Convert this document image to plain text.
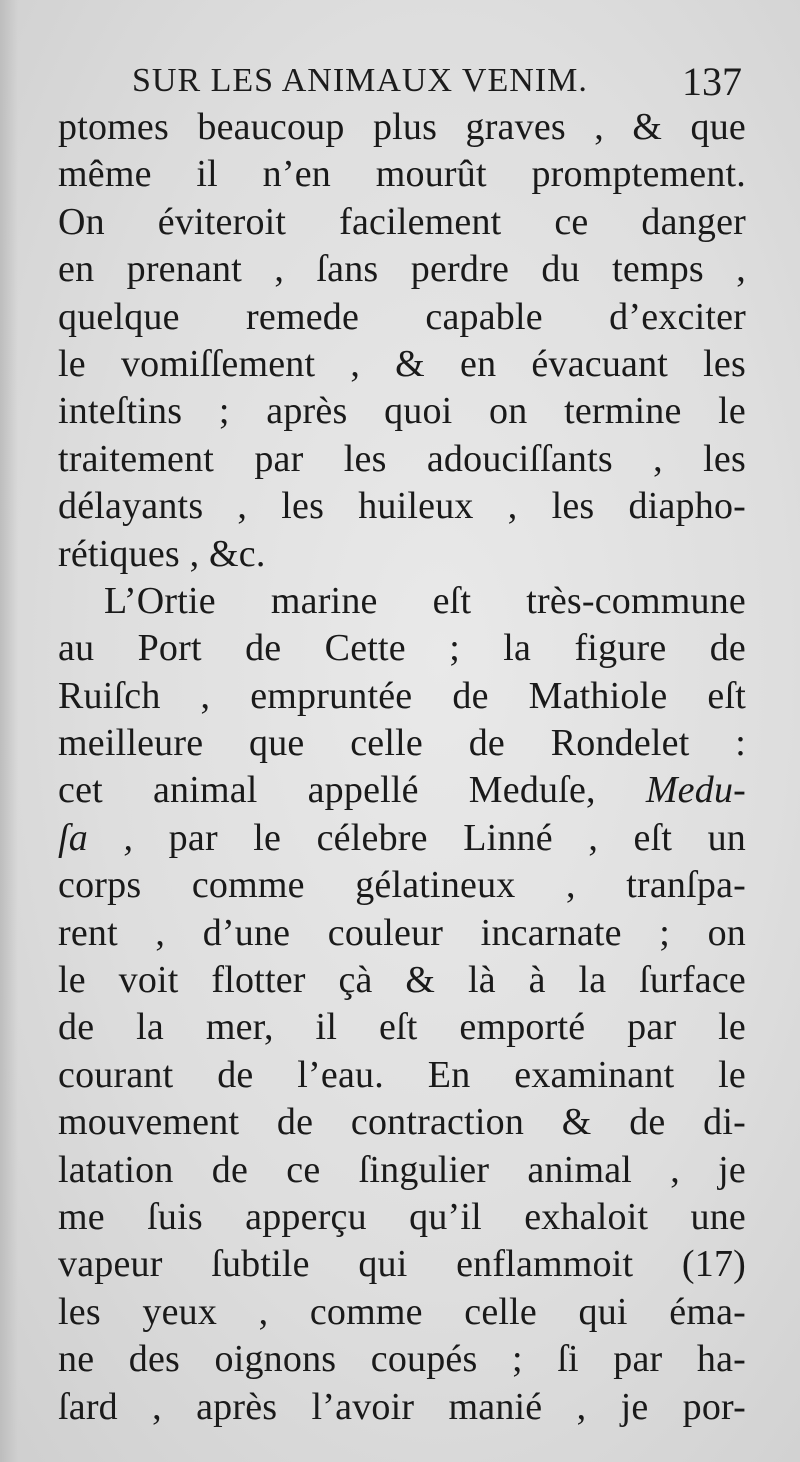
SUR LES ANIMAUX VENIM. 137
ptomes beaucoup plus graves , & que
même il n’en mourût promptement.
On éviteroit facilement ce danger
en prenant , ſans perdre du temps ,
quelque remede capable d’exciter
le vomiſſement , & en évacuant les
inteſtins ; après quoi on termine le
traitement par les adouciſſants , les
délayants , les huileux , les diapho-
rétiques , &c.
L’Ortie marine eſt très-commune
au Port de Cette ; la figure de
Ruiſch , empruntée de Mathiole eſt
meilleure que celle de Rondelet :
cet animal appellé Meduſe, Medu-
ſa , par le célebre Linné , eſt un
corps comme gélatineux , tranſpa-
rent , d’une couleur incarnate ; on
le voit flotter çà & là à la ſurface
de la mer, il eſt emporté par le
courant de l’eau. En examinant le
mouvement de contraction & de di-
latation de ce ſingulier animal , je
me ſuis apperçu qu’il exhaloit une
vapeur ſubtile qui enflammoit (17)
les yeux , comme celle qui éma-
ne des oignons coupés ; ſi par ha-
ſard , après l’avoir manié , je por-
